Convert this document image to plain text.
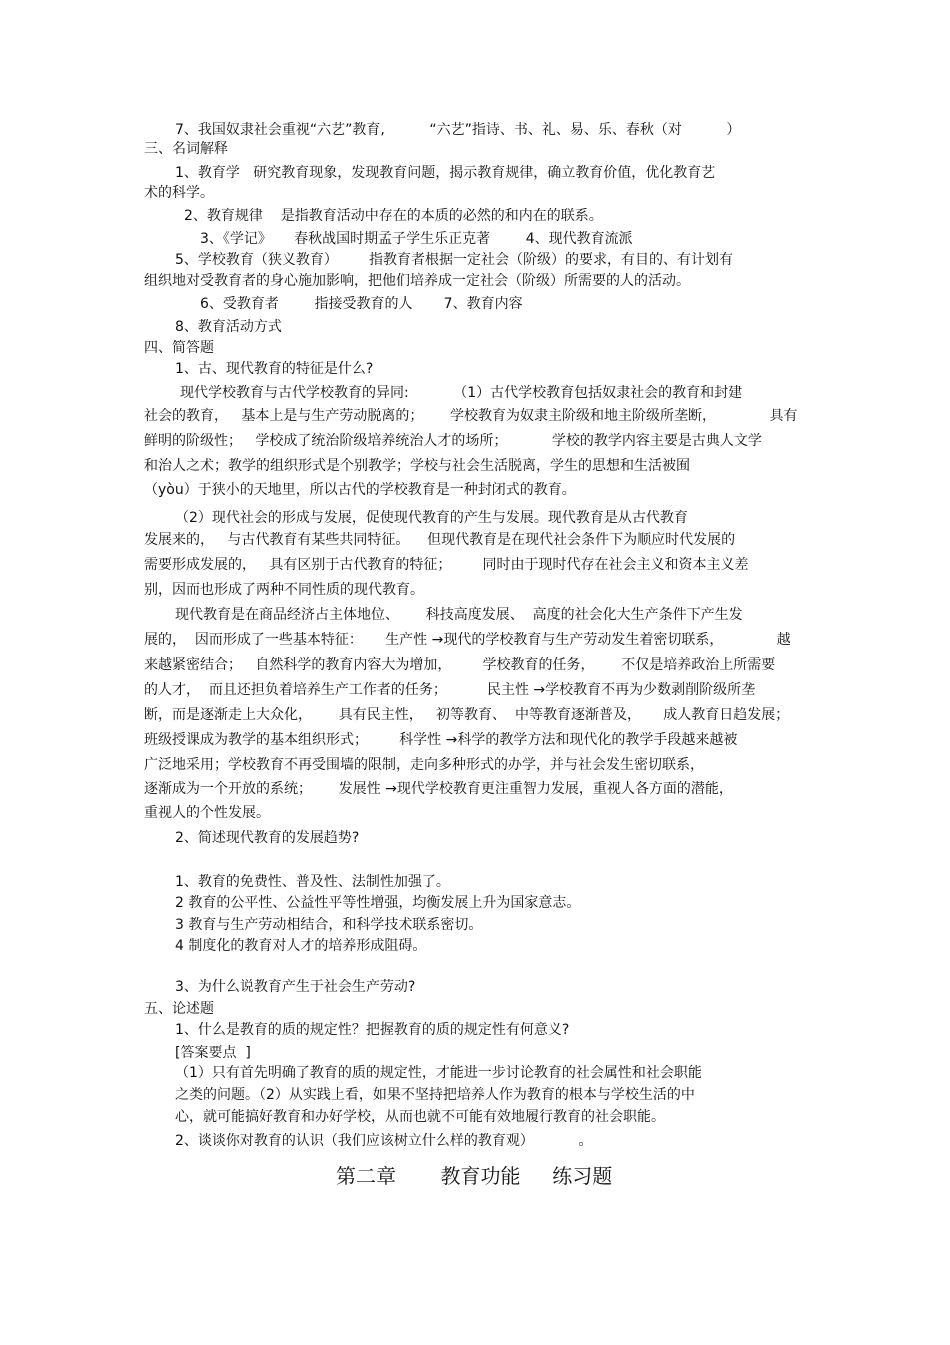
7、我国奴隶社会重视“六艺”教育,          “六艺”指诗、书、礼、易、乐、春秋（对          ）
三、名词解释
1、教育学   研究教育现象，发现教育问题，揭示教育规律，确立教育价值，优化教育艺
术的科学。
2、教育规律    是指教育活动中存在的本质的必然的和内在的联系。
3、《学记》     春秋战国时期孟子学生乐正克著        4、现代教育流派
5、学校教育（狭义教育）       指教育者根据一定社会（阶级）的要求，有目的、有计划有
组织地对受教育者的身心施加影响，把他们培养成一定社会（阶级）所需要的人的活动。
6、受教育者        指接受教育的人       7、教育内容
8、教育活动方式
四、简答题
1、古、现代教育的特征是什么?
现代学校教育与古代学校教育的异同:          （1）古代学校教育包括奴隶社会的教育和封建
社会的教育，   基本上是与生产劳动脱离的；      学校教育为奴隶主阶级和地主阶级所垄断，            具有
鲜明的阶级性；   学校成了统治阶级培养统治人才的场所；          学校的教学内容主要是古典人文学
和治人之术；教学的组织形式是个别教学；学校与社会生活脱离，学生的思想和生活被囿
（yòu）于狭小的天地里，所以古代的学校教育是一种封闭式的教育。
（2）现代社会的形成与发展，促使现代教育的产生与发展。现代教育是从古代教育
发展来的，   与古代教育有某些共同特征。    但现代教育是在现代社会条件下为顺应时代发展的
需要形成发展的，   具有区别于古代教育的特征；       同时由于现时代存在社会主义和资本主义差
别，因而也形成了两种不同性质的现代教育。
现代教育是在商品经济占主体地位、      科技高度发展、  高度的社会化大生产条件下产生发
展的，  因而形成了一些基本特征：     生产性 →现代的学校教育与生产劳动发生着密切联系，            越
来越紧密结合；   自然科学的教育内容大为增加，       学校教育的任务，      不仅是培养政治上所需要
的人才，  而且还担负着培养生产工作者的任务；         民主性 →学校教育不再为少数剥削阶级所垄
断，而是逐渐走上大众化，      具有民主性，   初等教育、  中等教育逐渐普及，     成人教育日趋发展；
班级授课成为教学的基本组织形式；       科学性 →科学的教学方法和现代化的教学手段越来越被
广泛地采用；学校教育不再受围墙的限制，走向多种形式的办学，并与社会发生密切联系，
逐渐成为一个开放的系统；      发展性 →现代学校教育更注重智力发展，重视人各方面的潜能，
重视人的个性发展。
2、简述现代教育的发展趋势?
1、教育的免费性、普及性、法制性加强了。
2 教育的公平性、公益性平等性增强，均衡发展上升为国家意志。
3 教育与生产劳动相结合，和科学技术联系密切。
4 制度化的教育对人才的培养形成阻碍。
3、为什么说教育产生于社会生产劳动?
五、论述题
1、什么是教育的质的规定性？把握教育的质的规定性有何意义?
[答案要点  ]
（1）只有首先明确了教育的质的规定性，才能进一步讨论教育的社会属性和社会职能
之类的问题。（2）从实践上看，如果不坚持把培养人作为教育的根本与学校生活的中
心，就可能搞好教育和办好学校，从而也就不可能有效地履行教育的社会职能。
2、谈谈你对教育的认识（我们应该树立什么样的教育观）          。
第二章       教育功能     练习题
